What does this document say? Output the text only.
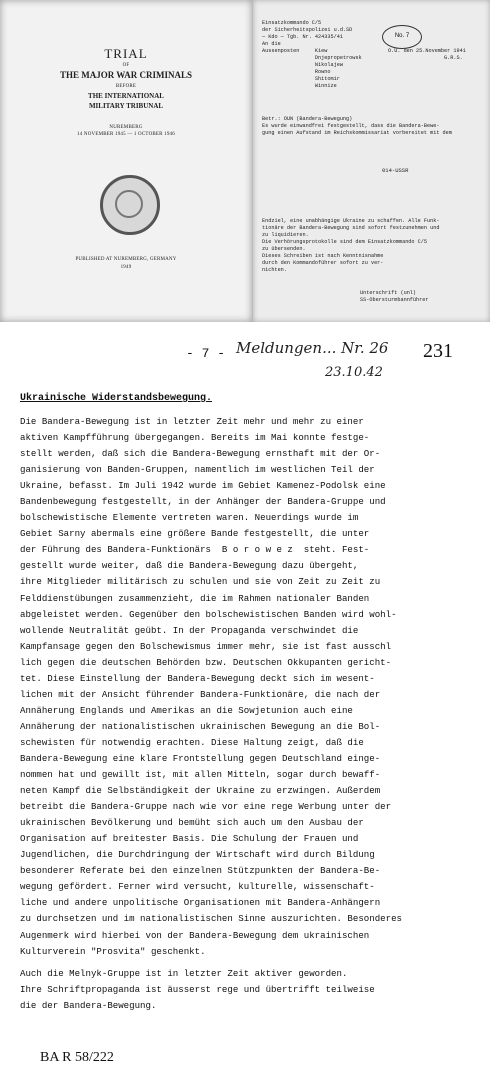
TRIAL
OF
THE MAJOR WAR CRIMINALS
BEFORE
THE INTERNATIONAL
MILITARY TRIBUNAL
NUREMBERG
14 NOVEMBER 1945 — 1 OCTOBER 1946
PUBLISHED AT NUREMBERG, GERMANY
1949
No. 7
Einsatzkommando C/5
der Sicherheitspolizei u.d.SD
— Kdo — Tgb. Nr. 424335/41
An die
Aussenposten     Kiew
Dnjepropetrowsk
Nikolajew
Rowno
Shitomir
Winnize
O.U. den 25.November 1941
G.R.S.
Betr.: OUN (Bandera-Bewegung)
Es wurde einwandfrei festgestellt, dass die Bandera-Bewe-
gung einen Aufstand im Reichskommissariat vorbereitet mit dem
014-USSR
Endziel, eine unabhängige Ukraine zu schaffen. Alle Funk-
tionäre der Bandera-Bewegung sind sofort festzunehmen und
zu liquidieren.
Die Verhörungsprotokolle sind dem Einsatzkommando C/5
zu übersenden.
Dieses Schreiben ist nach Kenntnisnahme
durch den Kommandoführer sofort zu ver-
nichten.
Unterschrift (unl)
SS-Obersturmbannführer
- 7 - Meldungen... Nr. 26
23.10.42
231
Ukrainische Widerstandsbewegung.
Die Bandera-Bewegung ist in letzter Zeit mehr und mehr zu einer
aktiven Kampfführung übergegangen. Bereits im Mai konnte festge-
stellt werden, daß sich die Bandera-Bewegung ernsthaft mit der Or-
ganisierung von Banden-Gruppen, namentlich im westlichen Teil der
Ukraine, befasst. Im Juli 1942 wurde im Gebiet Kamenez-Podolsk eine
Bandenbewegung festgestellt, in der Anhänger der Bandera-Gruppe und
bolschewistische Elemente vertreten waren. Neuerdings wurde im
Gebiet Sarny abermals eine größere Bande festgestellt, die unter
der Führung des Bandera-Funktionärs  B o r o w e z  steht. Fest-
gestellt wurde weiter, daß die Bandera-Bewegung dazu übergeht,
ihre Mitglieder militärisch zu schulen und sie von Zeit zu Zeit zu
Felddienstübungen zusammenzieht, die im Rahmen nationaler Banden
abgeleistet werden. Gegenüber den bolschewistischen Banden wird wohl-
wollende Neutralität geübt. In der Propaganda verschwindet die
Kampfansage gegen den Bolschewismus immer mehr, sie ist fast ausschl
lich gegen die deutschen Behörden bzw. Deutschen Okkupanten gericht-
tet. Diese Einstellung der Bandera-Bewegung deckt sich im wesent-
lichen mit der Ansicht führender Bandera-Funktionäre, die nach der
Annäherung Englands und Amerikas an die Sowjetunion auch eine
Annäherung der nationalistischen ukrainischen Bewegung an die Bol-
schewisten für notwendig erachten. Diese Haltung zeigt, daß die
Bandera-Bewegung eine klare Frontstellung gegen Deutschland einge-
nommen hat und gewillt ist, mit allen Mitteln, sogar durch bewaff-
neten Kampf die Selbständigkeit der Ukraine zu erzwingen. Außerdem
betreibt die Bandera-Gruppe nach wie vor eine rege Werbung unter der
ukrainischen Bevölkerung und bemüht sich auch um den Ausbau der
Organisation auf breitester Basis. Die Schulung der Frauen und
Jugendlichen, die Durchdringung der Wirtschaft wird durch Bildung
besonderer Referate bei den einzelnen Stützpunkten der Bandera-Be-
wegung gefördert. Ferner wird versucht, kulturelle, wissenschaft-
liche und andere unpolitische Organisationen mit Bandera-Anhängern
zu durchsetzen und im nationalistischen Sinne auszurichten. Besonderes
Augenmerk wird hierbei von der Bandera-Bewegung dem ukrainischen
Kulturverein "Prosvita" geschenkt.
Auch die Melnyk-Gruppe ist in letzter Zeit aktiver geworden.
Ihre Schriftpropaganda ist äusserst rege und übertrifft teilweise
die der Bandera-Bewegung.
BA R 58/222
